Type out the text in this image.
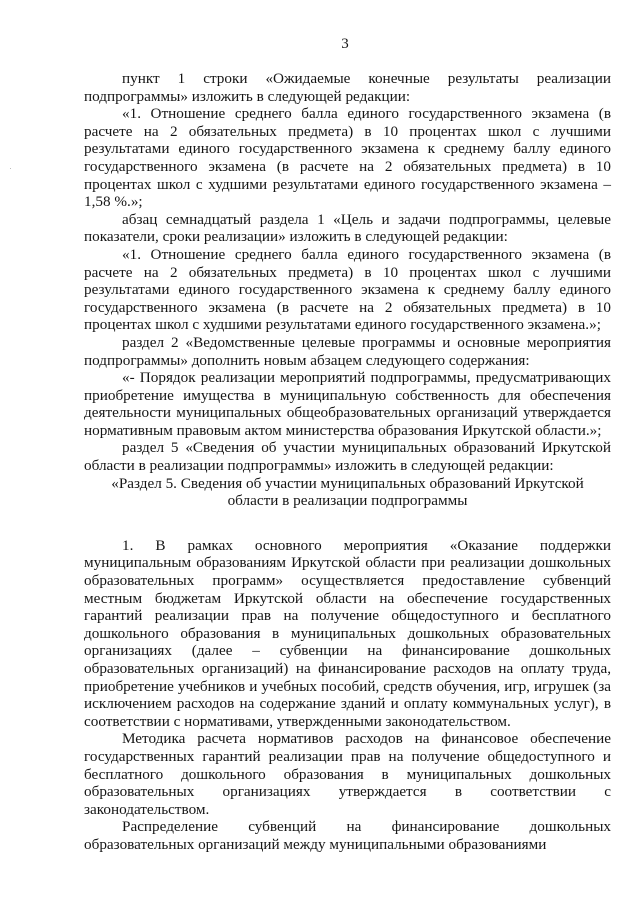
3

пункт 1 строки «Ожидаемые конечные результаты реализации подпрограммы» изложить в следующей редакции:

«1. Отношение среднего балла единого государственного экзамена (в расчете на 2 обязательных предмета) в 10 процентах школ с лучшими результатами единого государственного экзамена к среднему баллу единого государственного экзамена (в расчете на 2 обязательных предмета) в 10 процентах школ с худшими результатами единого государственного экзамена – 1,58 %.»;

абзац семнадцатый раздела 1 «Цель и задачи подпрограммы, целевые показатели, сроки реализации» изложить в следующей редакции:

«1. Отношение среднего балла единого государственного экзамена (в расчете на 2 обязательных предмета) в 10 процентах школ с лучшими результатами единого государственного экзамена к среднему баллу единого государственного экзамена (в расчете на 2 обязательных предмета) в 10 процентах школ с худшими результатами единого государственного экзамена.»;

раздел 2 «Ведомственные целевые программы и основные мероприятия подпрограммы» дополнить новым абзацем следующего содержания:

«- Порядок реализации мероприятий подпрограммы, предусматривающих приобретение имущества в муниципальную собственность для обеспечения деятельности муниципальных общеобразовательных организаций утверждается нормативным правовым актом министерства образования Иркутской области.»;

раздел 5 «Сведения об участии муниципальных образований Иркутской области в реализации подпрограммы» изложить в следующей редакции:

«Раздел 5. Сведения об участии муниципальных образований Иркутской

области в реализации подпрограммы

1. В рамках основного мероприятия «Оказание поддержки муниципальным образованиям Иркутской области при реализации дошкольных образовательных программ» осуществляется предоставление субвенций местным бюджетам Иркутской области на обеспечение государственных гарантий реализации прав на получение общедоступного и бесплатного дошкольного образования в муниципальных дошкольных образовательных организациях (далее – субвенции на финансирование дошкольных образовательных организаций) на финансирование расходов на оплату труда, приобретение учебников и учебных пособий, средств обучения, игр, игрушек (за исключением расходов на содержание зданий и оплату коммунальных услуг), в соответствии с нормативами, утвержденными законодательством.

Методика расчета нормативов расходов на финансовое обеспечение государственных гарантий реализации прав на получение общедоступного и бесплатного дошкольного образования в муниципальных дошкольных образовательных организациях утверждается в соответствии с законодательством.

Распределение субвенций на финансирование дошкольных образовательных организаций между муниципальными образованиями
